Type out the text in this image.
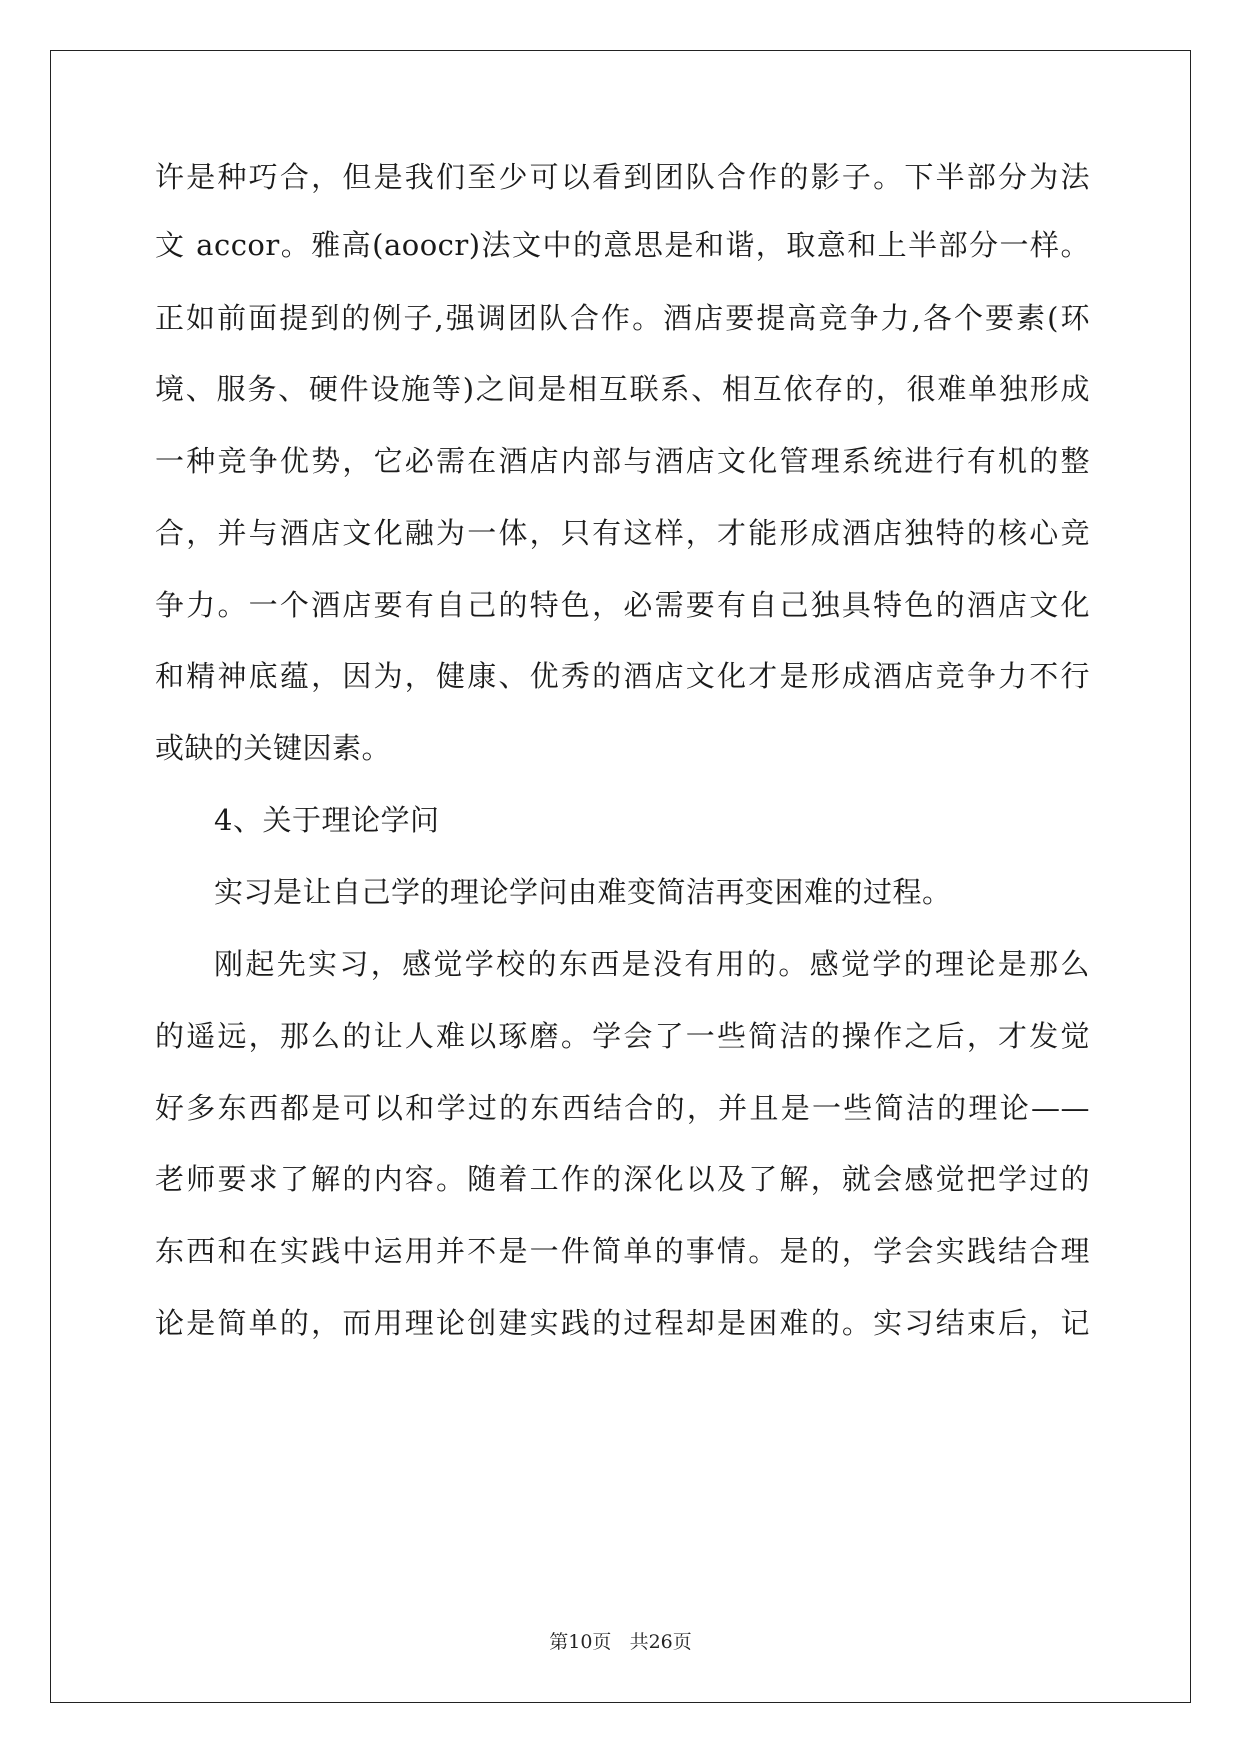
许是种巧合，但是我们至少可以看到团队合作的影子。下半部分为法
文 accor。雅高(aoocr)法文中的意思是和谐，取意和上半部分一样。
正如前面提到的例子,强调团队合作。酒店要提高竞争力,各个要素(环
境、服务、硬件设施等)之间是相互联系、相互依存的，很难单独形成
一种竞争优势，它必需在酒店内部与酒店文化管理系统进行有机的整
合，并与酒店文化融为一体，只有这样，才能形成酒店独特的核心竞
争力。一个酒店要有自己的特色，必需要有自己独具特色的酒店文化
和精神底蕴，因为，健康、优秀的酒店文化才是形成酒店竞争力不行
或缺的关键因素。
4、关于理论学问
实习是让自己学的理论学问由难变简洁再变困难的过程。
刚起先实习，感觉学校的东西是没有用的。感觉学的理论是那么
的遥远，那么的让人难以琢磨。学会了一些简洁的操作之后，才发觉
好多东西都是可以和学过的东西结合的，并且是一些简洁的理论——
老师要求了解的内容。随着工作的深化以及了解，就会感觉把学过的
东西和在实践中运用并不是一件简单的事情。是的，学会实践结合理
论是简单的，而用理论创建实践的过程却是困难的。实习结束后，记
第10页 共26页
